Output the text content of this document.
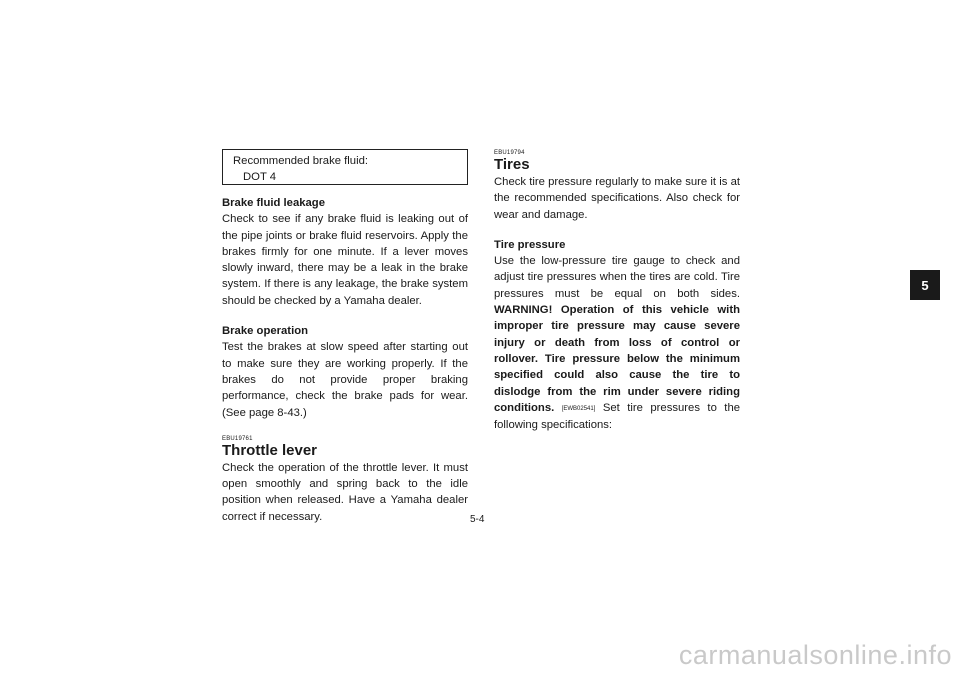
Recommended brake fluid:
DOT 4
Brake fluid leakage

Check to see if any brake fluid is leaking out of the pipe joints or brake fluid reservoirs. Apply the brakes firmly for one minute. If a lever moves slowly inward, there may be a leak in the brake system. If there is any leakage, the brake system should be checked by a Yamaha dealer.

Brake operation

Test the brakes at slow speed after starting out to make sure they are working properly. If the brakes do not provide proper braking performance, check the brake pads for wear. (See page 8-43.)

EBU19761
Throttle lever

Check the operation of the throttle lever. It must open smoothly and spring back to the idle position when released. Have a Yamaha dealer correct if necessary.

EBU19794
Tires

Check tire pressure regularly to make sure it is at the recommended specifications. Also check for wear and damage.

Tire pressure

Use the low-pressure tire gauge to check and adjust tire pressures when the tires are cold. Tire pressures must be equal on both sides. WARNING! Operation of this vehicle with improper tire pressure may cause severe injury or death from loss of control or rollover. Tire pressure below the minimum specified could also cause the tire to dislodge from the rim under severe riding conditions. [EWB02541] Set tire pressures to the following specifications:

5
5-4
carmanualsonline.info
